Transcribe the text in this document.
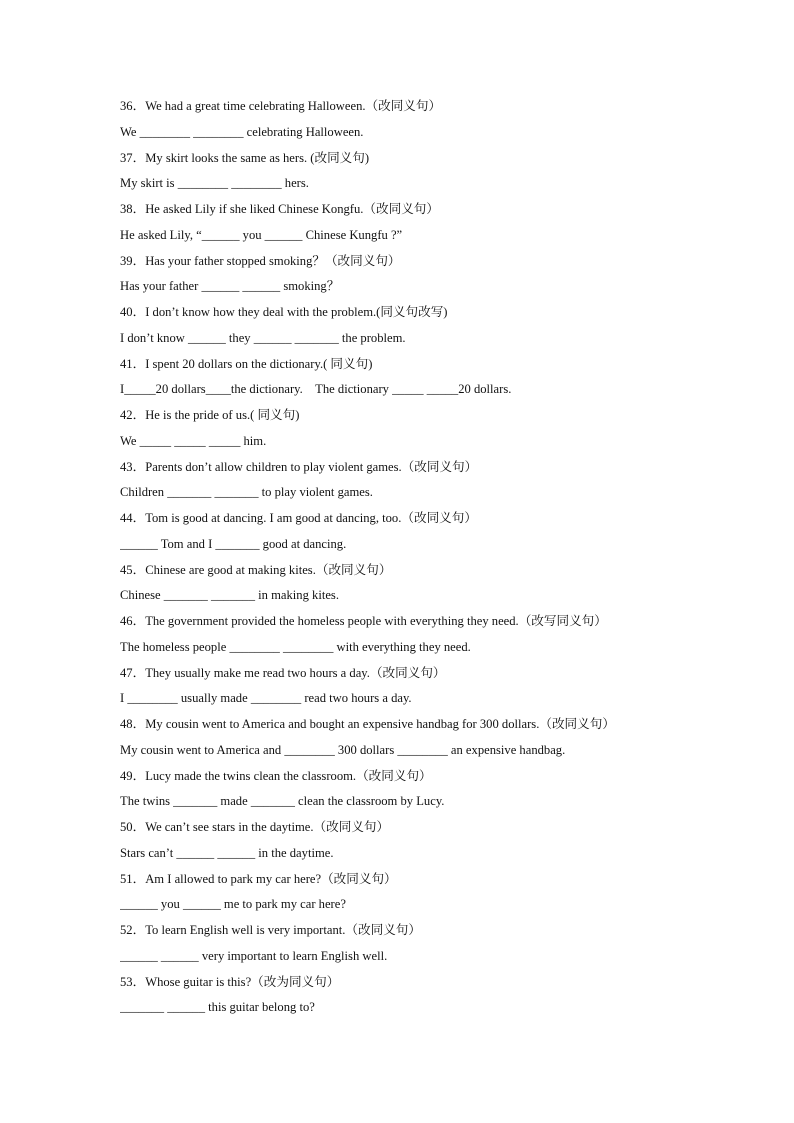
36．We had a great time celebrating Halloween.（改同义句）
We ________ ________ celebrating Halloween.
37．My skirt looks the same as hers. (改同义句)
My skirt is ________ ________ hers.
38．He asked Lily if she liked Chinese Kongfu.（改同义句）
He asked Lily, “______ you ______ Chinese Kungfu ?”
39．Has your father stopped smoking？（改同义句）
Has your father ______ ______ smoking？
40．I don’t know how they deal with the problem.(同义句改写)
I don’t know ______ they ______ _______ the problem.
41．I spent 20 dollars on the dictionary.( 同义句)
I_____20 dollars____the dictionary.    The dictionary _____ _____20 dollars.
42．He is the pride of us.( 同义句)
We _____ _____ _____ him.
43．Parents don’t allow children to play violent games.（改同义句）
Children _______ _______ to play violent games.
44．Tom is good at dancing. I am good at dancing, too.（改同义句）
______ Tom and I _______ good at dancing.
45．Chinese are good at making kites.（改同义句）
Chinese _______ _______ in making kites.
46．The government provided the homeless people with everything they need.（改写同义句）
The homeless people ________ ________ with everything they need.
47．They usually make me read two hours a day.（改同义句）
I ________ usually made ________ read two hours a day.
48．My cousin went to America and bought an expensive handbag for 300 dollars.（改同义句）
My cousin went to America and ________ 300 dollars ________ an expensive handbag.
49．Lucy made the twins clean the classroom.（改同义句）
The twins _______ made _______ clean the classroom by Lucy.
50．We can’t see stars in the daytime.（改同义句）
Stars can’t ______ ______ in the daytime.
51．Am I allowed to park my car here?（改同义句）
______ you ______ me to park my car here?
52．To learn English well is very important.（改同义句）
______ ______ very important to learn English well.
53．Whose guitar is this?（改为同义句）
_______ ______ this guitar belong to?
